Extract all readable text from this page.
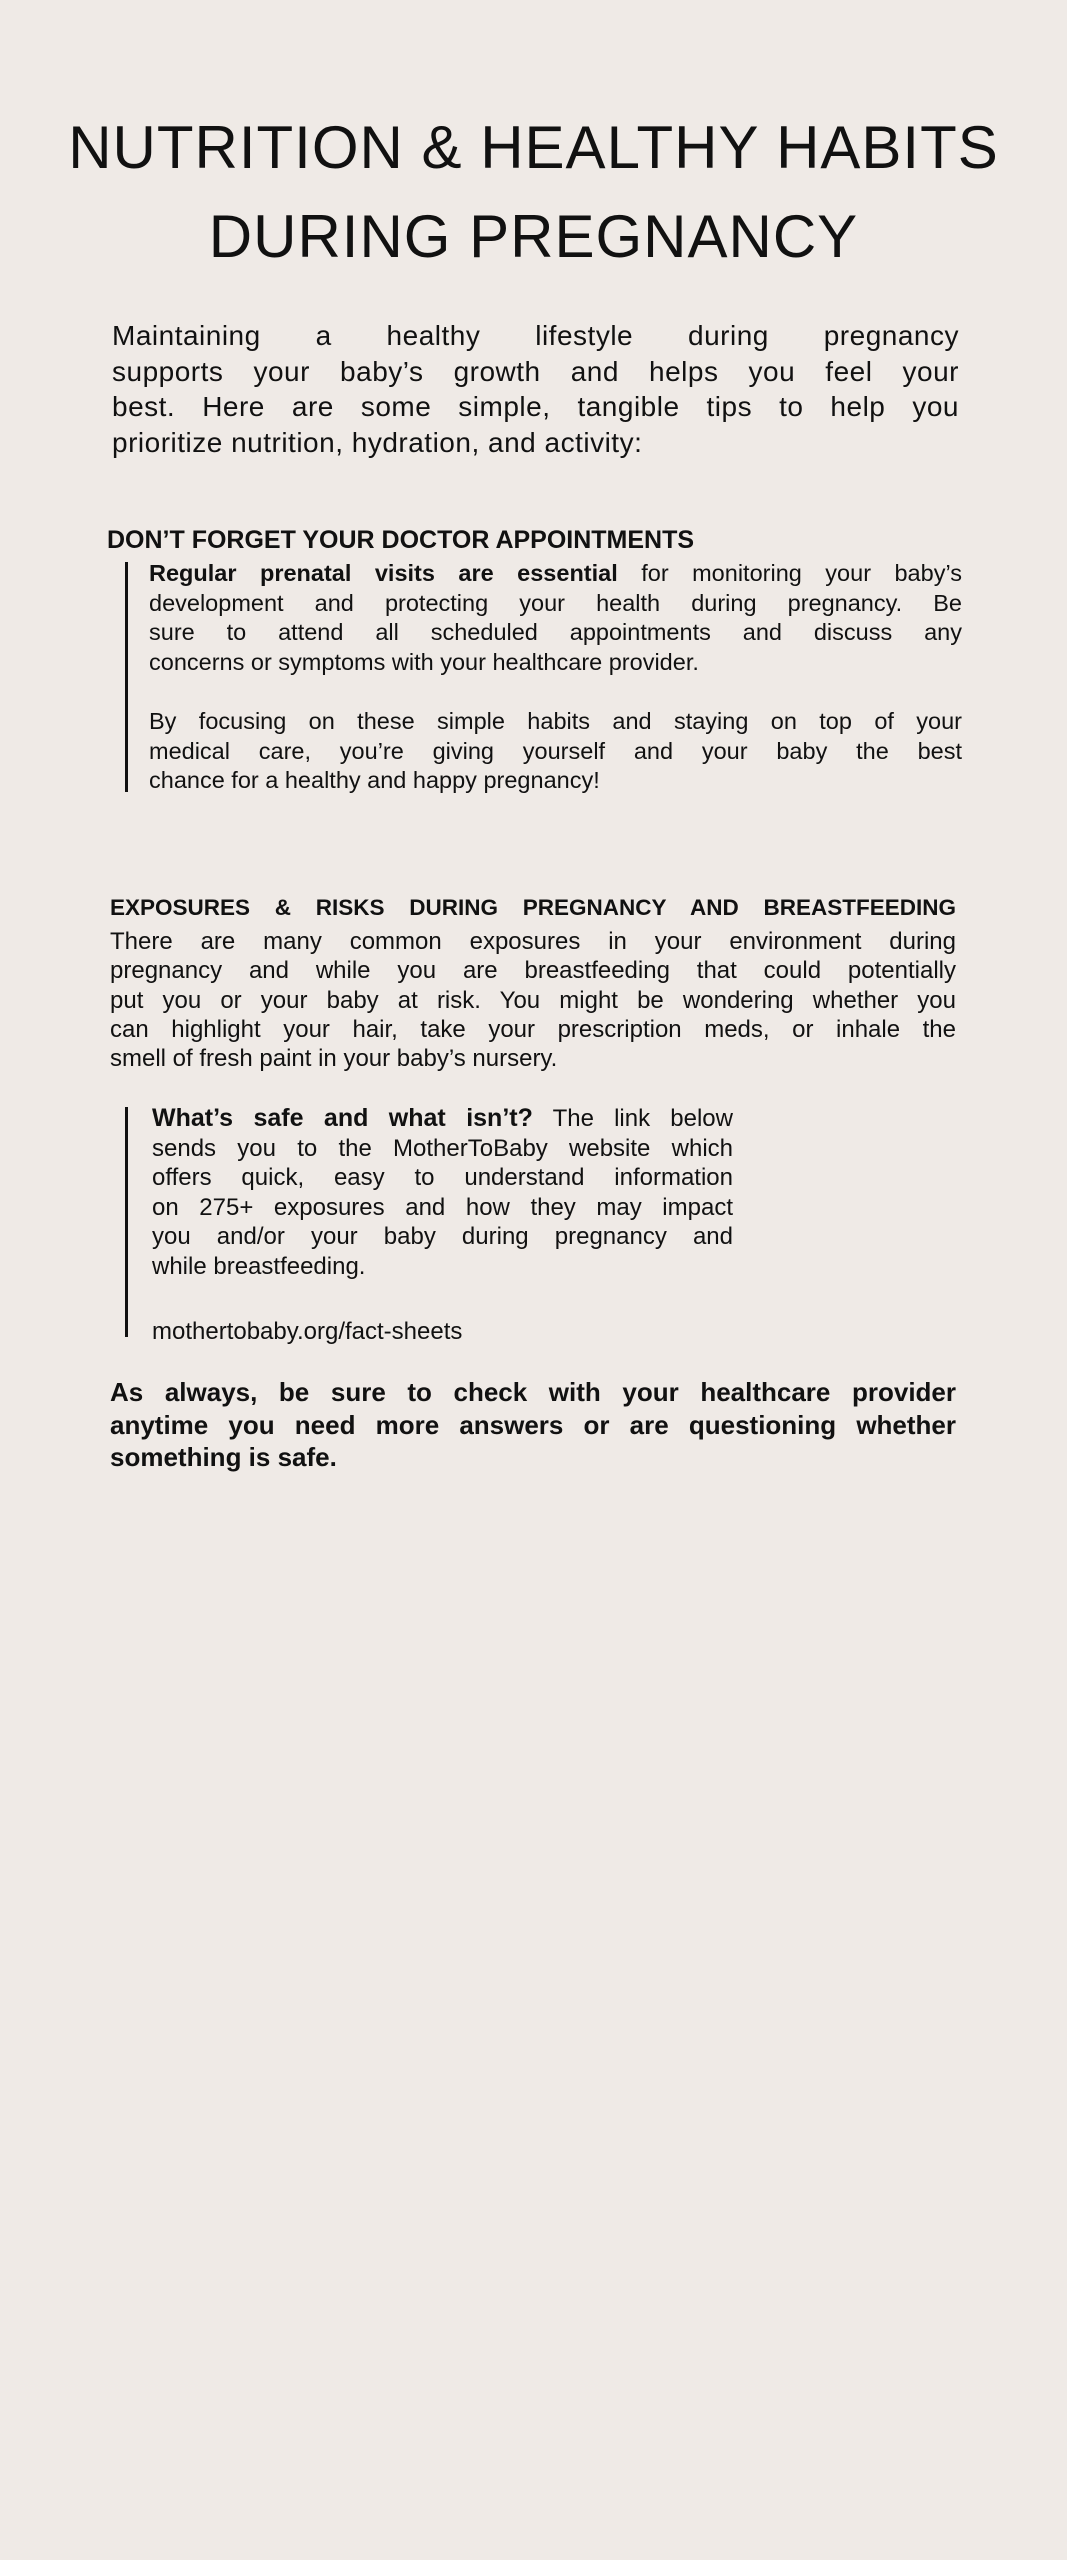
NUTRITION & HEALTHY HABITS
DURING PREGNANCY
Maintaining a healthy lifestyle during pregnancy
supports your baby’s growth and helps you feel your
best. Here are some simple, tangible tips to help you
prioritize nutrition, hydration, and activity:
DON’T FORGET YOUR DOCTOR APPOINTMENTS
Regular prenatal visits are essential for monitoring your baby’s
development and protecting your health during pregnancy. Be
sure to attend all scheduled appointments and discuss any
concerns or symptoms with your healthcare provider.
By focusing on these simple habits and staying on top of your
medical care, you’re giving yourself and your baby the best
chance for a healthy and happy pregnancy!
EXPOSURES & RISKS DURING PREGNANCY AND BREASTFEEDING
There are many common exposures in your environment during
pregnancy and while you are breastfeeding that could potentially
put you or your baby at risk. You might be wondering whether you
can highlight your hair, take your prescription meds, or inhale the
smell of fresh paint in your baby’s nursery.
What’s safe and what isn’t? The link below
sends you to the MotherToBaby website which
offers quick, easy to understand information
on 275+ exposures and how they may impact
you and/or your baby during pregnancy and
while breastfeeding.
mothertobaby.org/fact-sheets
As always, be sure to check with your healthcare provider
anytime you need more answers or are questioning whether
something is safe.
